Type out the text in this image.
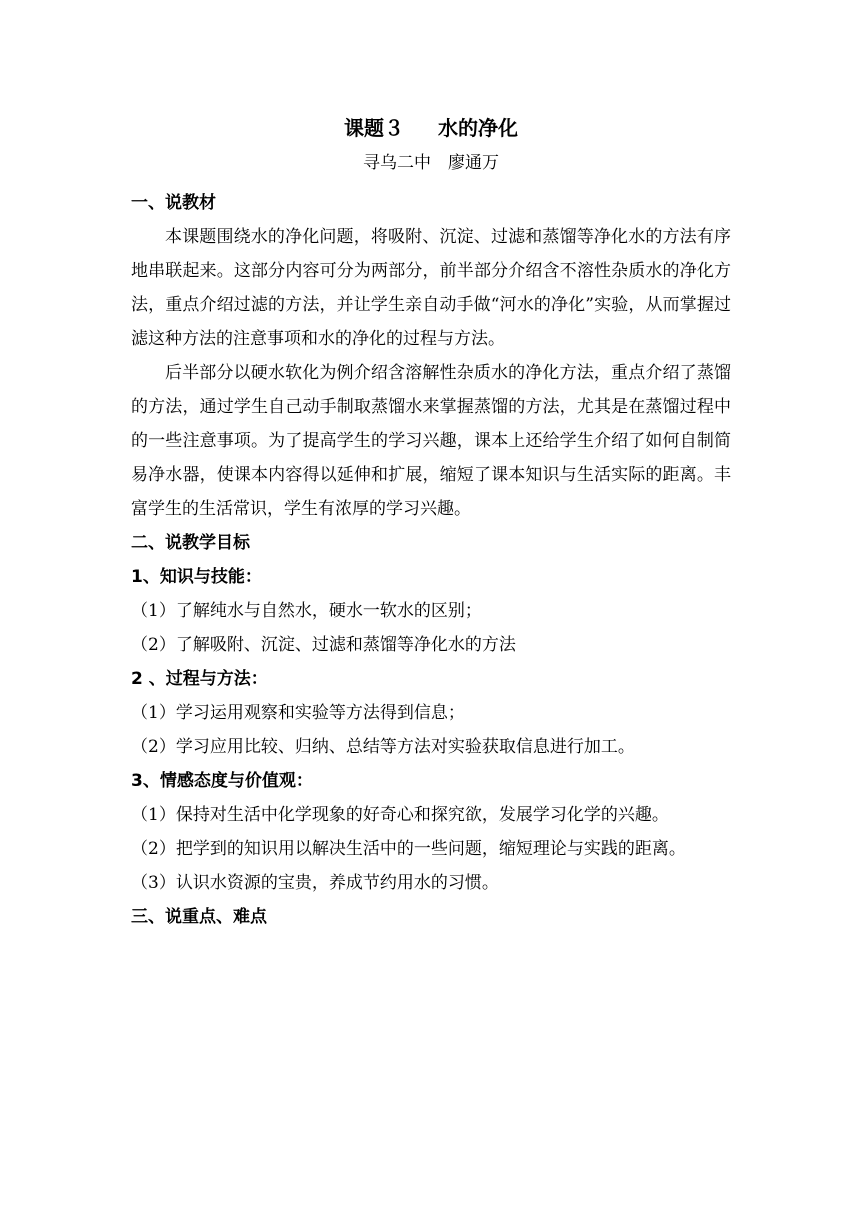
课题３　  水的净化
寻乌二中　廖通万
一、说教材

本课题围绕水的净化问题，将吸附、沉淀、过滤和蒸馏等净化水的方法有序地串联起来。这部分内容可分为两部分，前半部分介绍含不溶性杂质水的净化方法，重点介绍过滤的方法，并让学生亲自动手做“河水的净化”实验，从而掌握过滤这种方法的注意事项和水的净化的过程与方法。

后半部分以硬水软化为例介绍含溶解性杂质水的净化方法，重点介绍了蒸馏的方法，通过学生自己动手制取蒸馏水来掌握蒸馏的方法，尤其是在蒸馏过程中的一些注意事项。为了提高学生的学习兴趣，课本上还给学生介绍了如何自制简易净水器，使课本内容得以延伸和扩展，缩短了课本知识与生活实际的距离。丰富学生的生活常识，学生有浓厚的学习兴趣。

二、说教学目标
1、知识与技能：

（1）了解纯水与自然水，硬水一软水的区别；

（2）了解吸附、沉淀、过滤和蒸馏等净化水的方法

2 、过程与方法：

（1）学习运用观察和实验等方法得到信息；

（2）学习应用比较、归纳、总结等方法对实验获取信息进行加工。

3、情感态度与价值观：

（1）保持对生活中化学现象的好奇心和探究欲，发展学习化学的兴趣。

（2）把学到的知识用以解决生活中的一些问题，缩短理论与实践的距离。

（3）认识水资源的宝贵，养成节约用水的习惯。

三、说重点、难点
